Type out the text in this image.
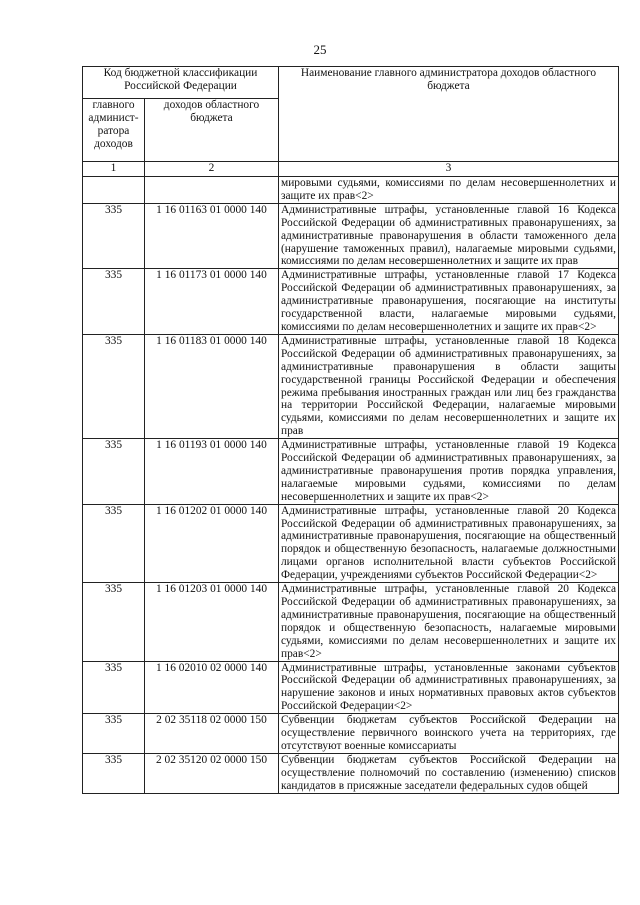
25
Код бюджетной классификации Российской Федерации		Наименование главного администратора доходов областного бюджета
главного админист-ратора доходов	доходов областного бюджета	
1	2	3
		мировыми судьями, комиссиями по делам несовершеннолетних и защите их прав<2>
335	1 16 01163 01 0000 140	Административные штрафы, установленные главой 16 Кодекса Российской Федерации об административных правонарушениях, за административные правонарушения в области таможенного дела (нарушение таможенных правил), налагаемые мировыми судьями, комиссиями по делам несовершеннолетних и защите их прав
335	1 16 01173 01 0000 140	Административные штрафы, установленные главой 17 Кодекса Российской Федерации об административных правонарушениях, за административные правонарушения, посягающие на институты государственной власти, налагаемые мировыми судьями, комиссиями по делам несовершеннолетних и защите их прав<2>
335	1 16 01183 01 0000 140	Административные штрафы, установленные главой 18 Кодекса Российской Федерации об административных правонарушениях, за административные правонарушения в области защиты государственной границы Российской Федерации и обеспечения режима пребывания иностранных граждан или лиц без гражданства на территории Российской Федерации, налагаемые мировыми судьями, комиссиями по делам несовершеннолетних и защите их прав
335	1 16 01193 01 0000 140	Административные штрафы, установленные главой 19 Кодекса Российской Федерации об административных правонарушениях, за административные правонарушения против порядка управления, налагаемые мировыми судьями, комиссиями по делам несовершеннолетних и защите их прав<2>
335	1 16 01202 01 0000 140	Административные штрафы, установленные главой 20 Кодекса Российской Федерации об административных правонарушениях, за административные правонарушения, посягающие на общественный порядок и общественную безопасность, налагаемые должностными лицами органов исполнительной власти субъектов Российской Федерации, учреждениями субъектов Российской Федерации<2>
335	1 16 01203 01 0000 140	Административные штрафы, установленные главой 20 Кодекса Российской Федерации об административных правонарушениях, за административные правонарушения, посягающие на общественный порядок и общественную безопасность, налагаемые мировыми судьями, комиссиями по делам несовершеннолетних и защите их прав<2>
335	1 16 02010 02 0000 140	Административные штрафы, установленные законами субъектов Российской Федерации об административных правонарушениях, за нарушение законов и иных нормативных правовых актов субъектов Российской Федерации<2>
335	2 02 35118 02 0000 150	Субвенции бюджетам субъектов Российской Федерации на осуществление первичного воинского учета на территориях, где отсутствуют военные комиссариаты
335	2 02 35120 02 0000 150	Субвенции бюджетам субъектов Российской Федерации на осуществление полномочий по составлению (изменению) списков кандидатов в присяжные заседатели федеральных судов общей
